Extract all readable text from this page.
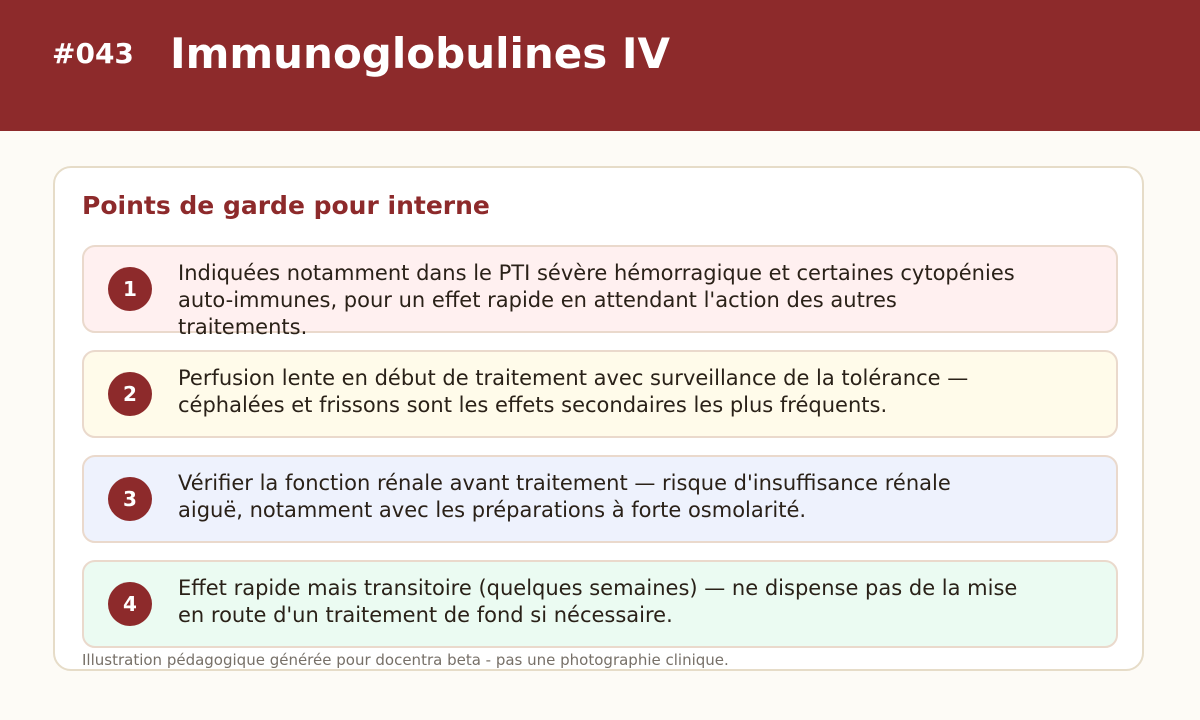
#043 Immunoglobulines IV
Points de garde pour interne
1
Indiquées notamment dans le PTI sévère hémorragique et certaines cytopénies auto-immunes, pour un effet rapide en attendant l'action des autres traitements.
2
Perfusion lente en début de traitement avec surveillance de la tolérance — céphalées et frissons sont les effets secondaires les plus fréquents.
3
Vérifier la fonction rénale avant traitement — risque d'insuffisance rénale aiguë, notamment avec les préparations à forte osmolarité.
4
Effet rapide mais transitoire (quelques semaines) — ne dispense pas de la mise en route d'un traitement de fond si nécessaire.
Illustration pédagogique générée pour docentra beta - pas une photographie clinique.
